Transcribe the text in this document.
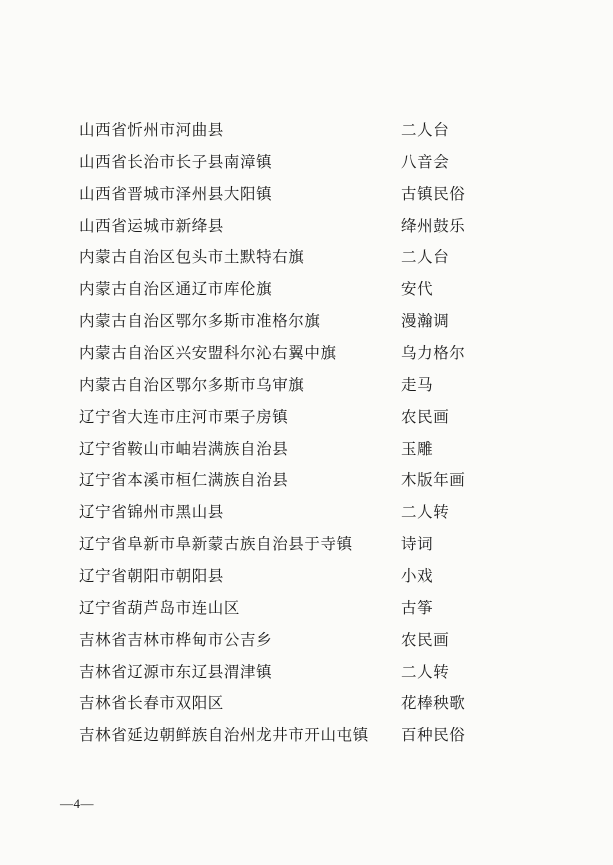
山西省忻州市河曲县	二人台
山西省长治市长子县南漳镇	八音会
山西省晋城市泽州县大阳镇	古镇民俗
山西省运城市新绛县	绛州鼓乐
内蒙古自治区包头市土默特右旗	二人台
内蒙古自治区通辽市库伦旗	安代
内蒙古自治区鄂尔多斯市准格尔旗	漫瀚调
内蒙古自治区兴安盟科尔沁右翼中旗	乌力格尔
内蒙古自治区鄂尔多斯市乌审旗	走马
辽宁省大连市庄河市栗子房镇	农民画
辽宁省鞍山市岫岩满族自治县	玉雕
辽宁省本溪市桓仁满族自治县	木版年画
辽宁省锦州市黑山县	二人转
辽宁省阜新市阜新蒙古族自治县于寺镇	诗词
辽宁省朝阳市朝阳县	小戏
辽宁省葫芦岛市连山区	古筝
吉林省吉林市桦甸市公吉乡	农民画
吉林省辽源市东辽县渭津镇	二人转
吉林省长春市双阳区	花棒秧歌
吉林省延边朝鲜族自治州龙井市开山屯镇 百种民俗
—4—
